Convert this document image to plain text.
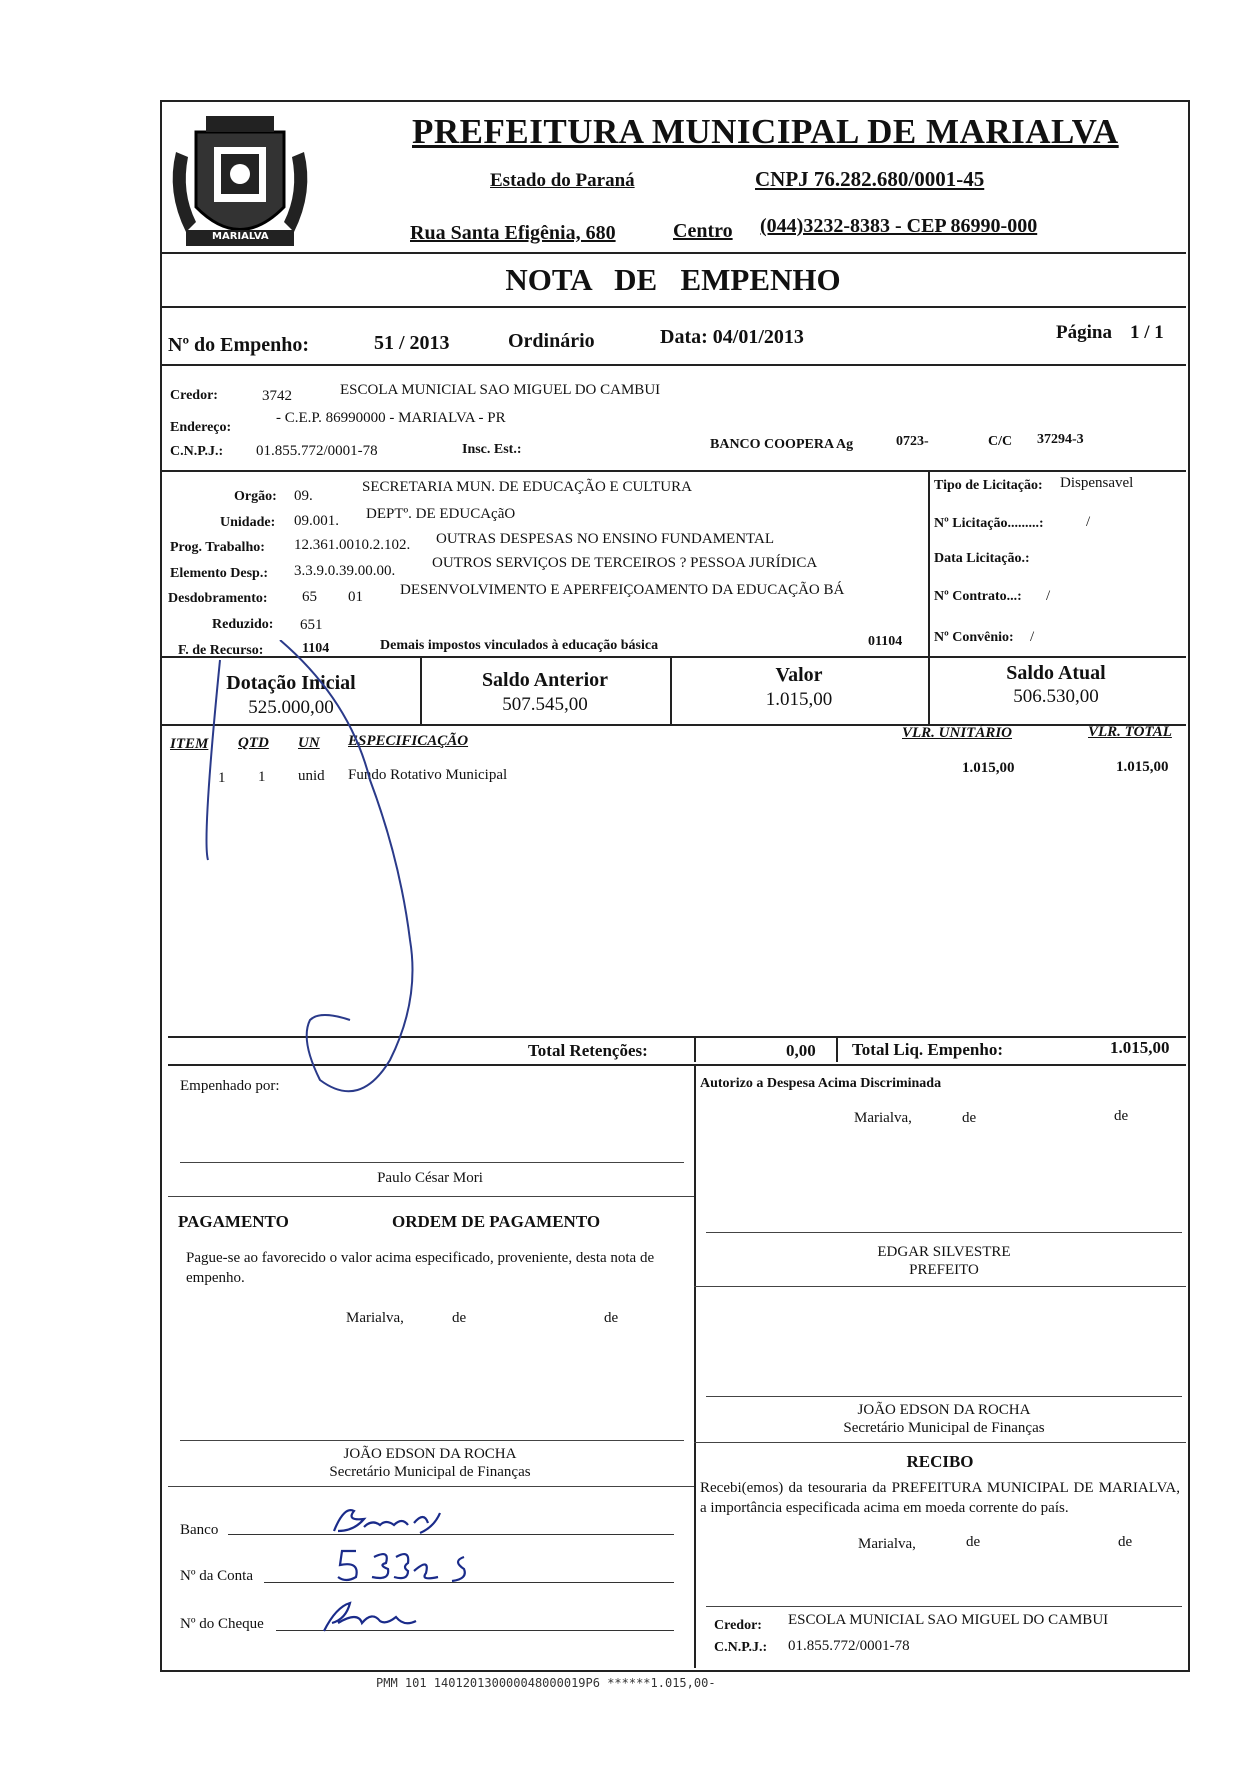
MARIALVA
PREFEITURA MUNICIPAL DE MARIALVA
Estado do Paraná	CNPJ 76.282.680/0001-45
Rua Santa Efigênia, 680	Centro (044)3232-8383 - CEP 86990-000
NOTA   DE   EMPENHO
Nº do Empenho:	51 / 2013	Ordinário	Data: 04/01/2013	Página 1 / 1
Credor:	3742	ESCOLA MUNICIAL SAO MIGUEL DO CAMBUI
Endereço:
- C.E.P. 86990000 - MARIALVA - PR
C.N.P.J.: 01.855.772/0001-78	Insc. Est.:	BANCO COOPERA Ag	0723-	C/C 37294-3
Orgão: 09.
SECRETARIA MUN. DE EDUCAÇÃO E CULTURA
Unidade: 09.001. DEPTº. DE EDUCAçãO
Prog. Trabalho: 12.361.0010.2.102. OUTRAS DESPESAS NO ENSINO FUNDAMENTAL
Elemento Desp.: 3.3.9.0.39.00.00. OUTROS SERVIÇOS DE TERCEIROS ? PESSOA JURÍDICA
Desdobramento: 65 01 DESENVOLVIMENTO E APERFEIÇOAMENTO DA EDUCAÇÃO BÁ
Reduzido: 651
F. de Recurso:	1104	Demais impostos vinculados à educação básica	01104
Tipo de Licitação: Dispensavel
Nº Licitação.........:	/
Data Licitação.:
Nº Contrato...: /
Nº Convênio: /
Dotação Inicial
525.000,00
Saldo Anterior
507.545,00
Valor
1.015,00
Saldo Atual
506.530,00
ITEM QTD UN ESPECIFICAÇÃO	VLR. UNITÁRIO	VLR. TOTAL
1 1 unid Fundo Rotativo Municipal	1.015,00	1.015,00
Total Retenções:	0,00 Total Liq. Empenho:	1.015,00
Empenhado por:
Paulo César Mori
PAGAMENTO	ORDEM DE PAGAMENTO
Pague-se ao favorecido o valor acima especificado, proveniente, desta nota de empenho.
Marialva,	de	de
JOÃO EDSON DA ROCHA
Secretário Municipal de Finanças
Banco
Nº da Conta
Nº do Cheque
Autorizo a Despesa Acima Discriminada
Marialva,	de	de
EDGAR SILVESTRE
PREFEITO
JOÃO EDSON DA ROCHA
Secretário Municipal de Finanças
RECIBO
Recebi(emos) da tesouraria da PREFEITURA MUNICIPAL DE MARIALVA, a importância especificada acima em moeda corrente do país.
Marialva,	de	de
Credor: ESCOLA MUNICIAL SAO MIGUEL DO CAMBUI
C.N.P.J.: 01.855.772/0001-78
PMM 101 140120130000048000019P6 ******1.015,00-
